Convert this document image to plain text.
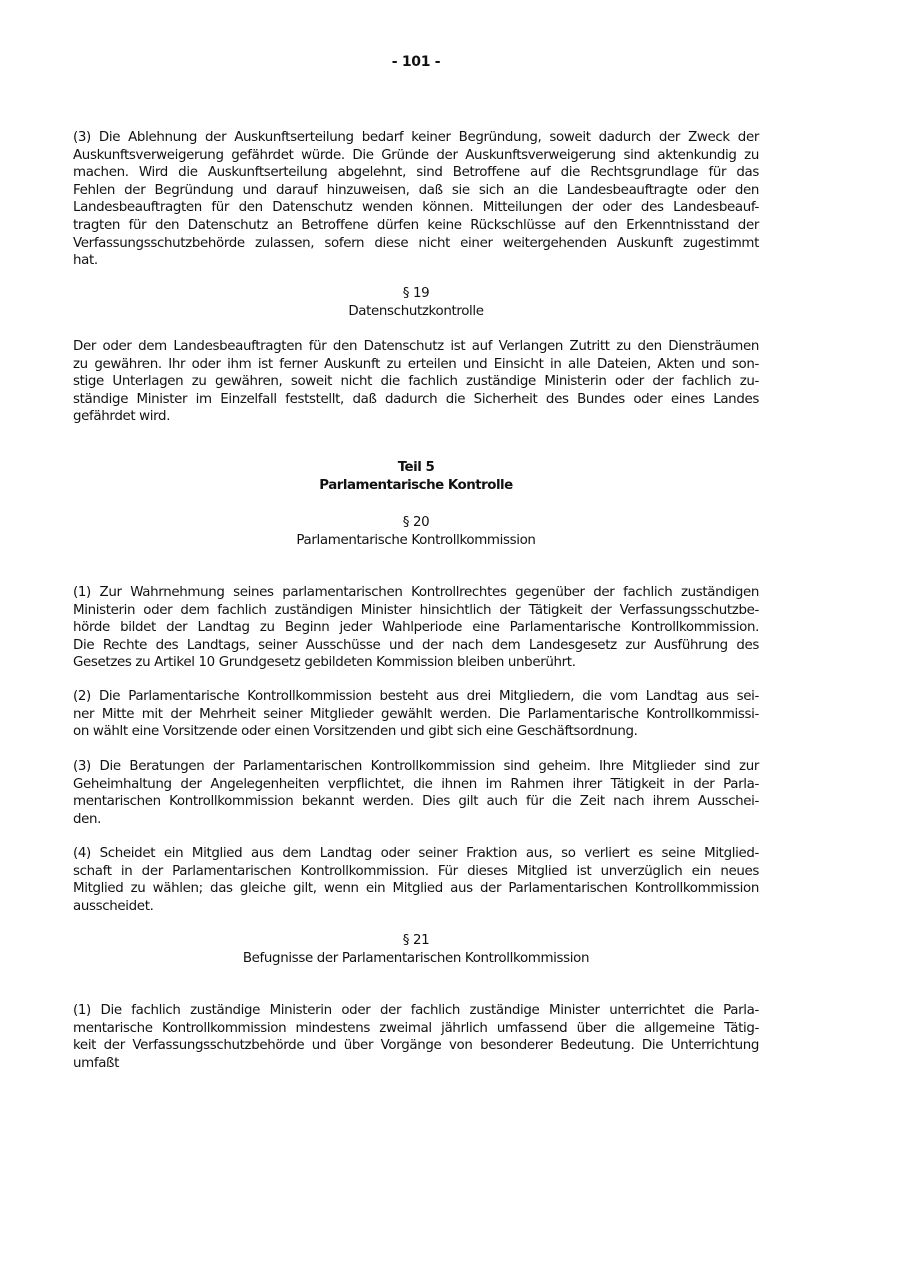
- 101 -
(3) Die Ablehnung der Auskunftserteilung bedarf keiner Begründung, soweit dadurch der Zweck der
Auskunftsverweigerung gefährdet würde. Die Gründe der Auskunftsverweigerung sind aktenkundig zu
machen. Wird die Auskunftserteilung abgelehnt, sind Betroffene auf die Rechtsgrundlage für das
Fehlen der Begründung und darauf hinzuweisen, daß sie sich an die Landesbeauftragte oder den
Landesbeauftragten für den Datenschutz wenden können. Mitteilungen der oder des Landesbeauf-
tragten für den Datenschutz an Betroffene dürfen keine Rückschlüsse auf den Erkenntnisstand der
Verfassungsschutzbehörde zulassen, sofern diese nicht einer weitergehenden Auskunft zugestimmt
hat.
§ 19
Datenschutzkontrolle
Der oder dem Landesbeauftragten für den Datenschutz ist auf Verlangen Zutritt zu den Diensträumen
zu gewähren. Ihr oder ihm ist ferner Auskunft zu erteilen und Einsicht in alle Dateien, Akten und son-
stige Unterlagen zu gewähren, soweit nicht die fachlich zuständige Ministerin oder der fachlich zu-
ständige Minister im Einzelfall feststellt, daß dadurch die Sicherheit des Bundes oder eines Landes
gefährdet wird.
Teil 5
Parlamentarische Kontrolle
§ 20
Parlamentarische Kontrollkommission
(1) Zur Wahrnehmung seines parlamentarischen Kontrollrechtes gegenüber der fachlich zuständigen
Ministerin oder dem fachlich zuständigen Minister hinsichtlich der Tätigkeit der Verfassungsschutzbe-
hörde bildet der Landtag zu Beginn jeder Wahlperiode eine Parlamentarische Kontrollkommission.
Die Rechte des Landtags, seiner Ausschüsse und der nach dem Landesgesetz zur Ausführung des
Gesetzes zu Artikel 10 Grundgesetz gebildeten Kommission bleiben unberührt.
(2) Die Parlamentarische Kontrollkommission besteht aus drei Mitgliedern, die vom Landtag aus sei-
ner Mitte mit der Mehrheit seiner Mitglieder gewählt werden. Die Parlamentarische Kontrollkommissi-
on wählt eine Vorsitzende oder einen Vorsitzenden und gibt sich eine Geschäftsordnung.
(3) Die Beratungen der Parlamentarischen Kontrollkommission sind geheim. Ihre Mitglieder sind zur
Geheimhaltung der Angelegenheiten verpflichtet, die ihnen im Rahmen ihrer Tätigkeit in der Parla-
mentarischen Kontrollkommission bekannt werden. Dies gilt auch für die Zeit nach ihrem Ausschei-
den.
(4) Scheidet ein Mitglied aus dem Landtag oder seiner Fraktion aus, so verliert es seine Mitglied-
schaft in der Parlamentarischen Kontrollkommission. Für dieses Mitglied ist unverzüglich ein neues
Mitglied zu wählen; das gleiche gilt, wenn ein Mitglied aus der Parlamentarischen Kontrollkommission
ausscheidet.
§ 21
Befugnisse der Parlamentarischen Kontrollkommission
(1) Die fachlich zuständige Ministerin oder der fachlich zuständige Minister unterrichtet die Parla-
mentarische Kontrollkommission mindestens zweimal jährlich umfassend über die allgemeine Tätig-
keit der Verfassungsschutzbehörde und über Vorgänge von besonderer Bedeutung. Die Unterrichtung
umfaßt
